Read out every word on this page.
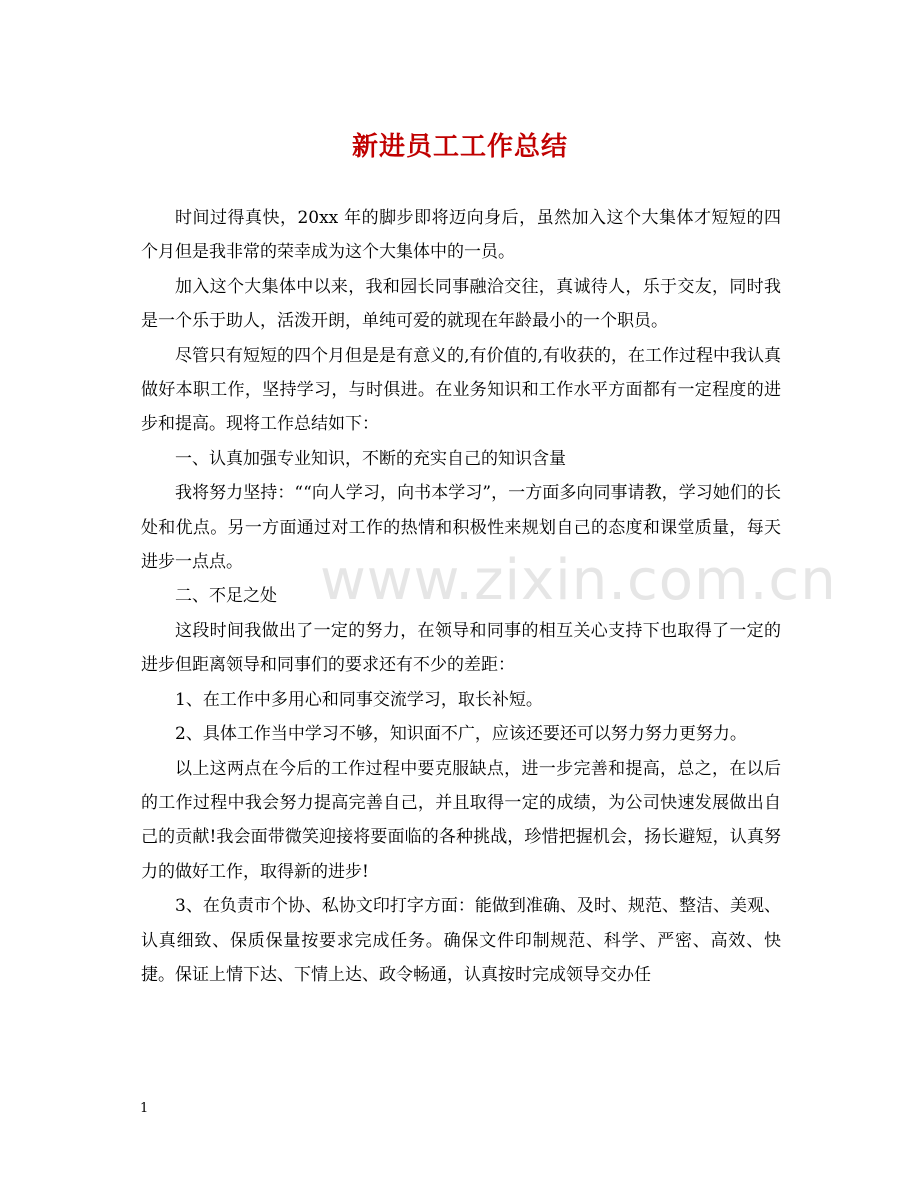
www.zixin.com.cn
新进员工工作总结

时间过得真快，20xx 年的脚步即将迈向身后，虽然加入这个大集体才短短的四个月但是我非常的荣幸成为这个大集体中的一员。

加入这个大集体中以来，我和园长同事融洽交往，真诚待人，乐于交友，同时我是一个乐于助人，活泼开朗，单纯可爱的就现在年龄最小的一个职员。

尽管只有短短的四个月但是是有意义的,有价值的,有收获的，在工作过程中我认真做好本职工作，坚持学习，与时俱进。在业务知识和工作水平方面都有一定程度的进步和提高。现将工作总结如下：

一、认真加强专业知识，不断的充实自己的知识含量

我将努力坚持：““向人学习，向书本学习”，一方面多向同事请教，学习她们的长处和优点。另一方面通过对工作的热情和积极性来规划自己的态度和课堂质量，每天进步一点点。

二、不足之处

这段时间我做出了一定的努力，在领导和同事的相互关心支持下也取得了一定的进步但距离领导和同事们的要求还有不少的差距：

1、在工作中多用心和同事交流学习，取长补短。

2、具体工作当中学习不够，知识面不广，应该还要还可以努力努力更努力。

以上这两点在今后的工作过程中要克服缺点，进一步完善和提高，总之，在以后的工作过程中我会努力提高完善自己，并且取得一定的成绩，为公司快速发展做出自己的贡献!我会面带微笑迎接将要面临的各种挑战，珍惜把握机会，扬长避短，认真努力的做好工作，取得新的进步!

3、在负责市个协、私协文印打字方面：能做到准确、及时、规范、整洁、美观、认真细致、保质保量按要求完成任务。确保文件印制规范、科学、严密、高效、快捷。保证上情下达、下情上达、政令畅通，认真按时完成领导交办任

1
